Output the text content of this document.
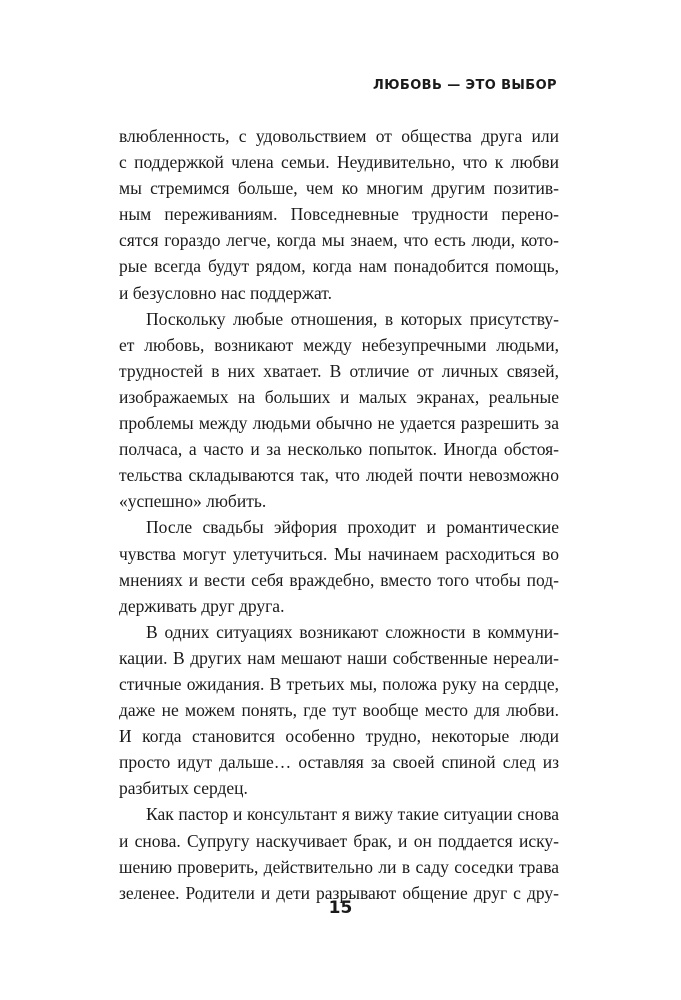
ЛЮБОВЬ — ЭТО ВЫБОР

влюбленность, с удовольствием от общества друга или
с поддержкой члена семьи. Неудивительно, что к любви
мы стремимся больше, чем ко многим другим позитив-
ным переживаниям. Повседневные трудности перено-
сятся гораздо легче, когда мы знаем, что есть люди, кото-
рые всегда будут рядом, когда нам понадобится помощь,
и безусловно нас поддержат.

Поскольку любые отношения, в которых присутству-
ет любовь, возникают между небезупречными людьми,
трудностей в них хватает. В отличие от личных связей,
изображаемых на больших и малых экранах, реальные
проблемы между людьми обычно не удается разрешить за
полчаса, а часто и за несколько попыток. Иногда обстоя-
тельства складываются так, что людей почти невозможно
«успешно» любить.

После свадьбы эйфория проходит и романтические
чувства могут улетучиться. Мы начинаем расходиться во
мнениях и вести себя враждебно, вместо того чтобы под-
держивать друг друга.

В одних ситуациях возникают сложности в коммуни-
кации. В других нам мешают наши собственные нереали-
стичные ожидания. В третьих мы, положа руку на сердце,
даже не можем понять, где тут вообще место для любви.
И когда становится особенно трудно, некоторые люди
просто идут дальше… оставляя за своей спиной след из
разбитых сердец.

Как пастор и консультант я вижу такие ситуации снова
и снова. Супругу наскучивает брак, и он поддается иску-
шению проверить, действительно ли в саду соседки трава
зеленее. Родители и дети разрывают общение друг с дру-

15
